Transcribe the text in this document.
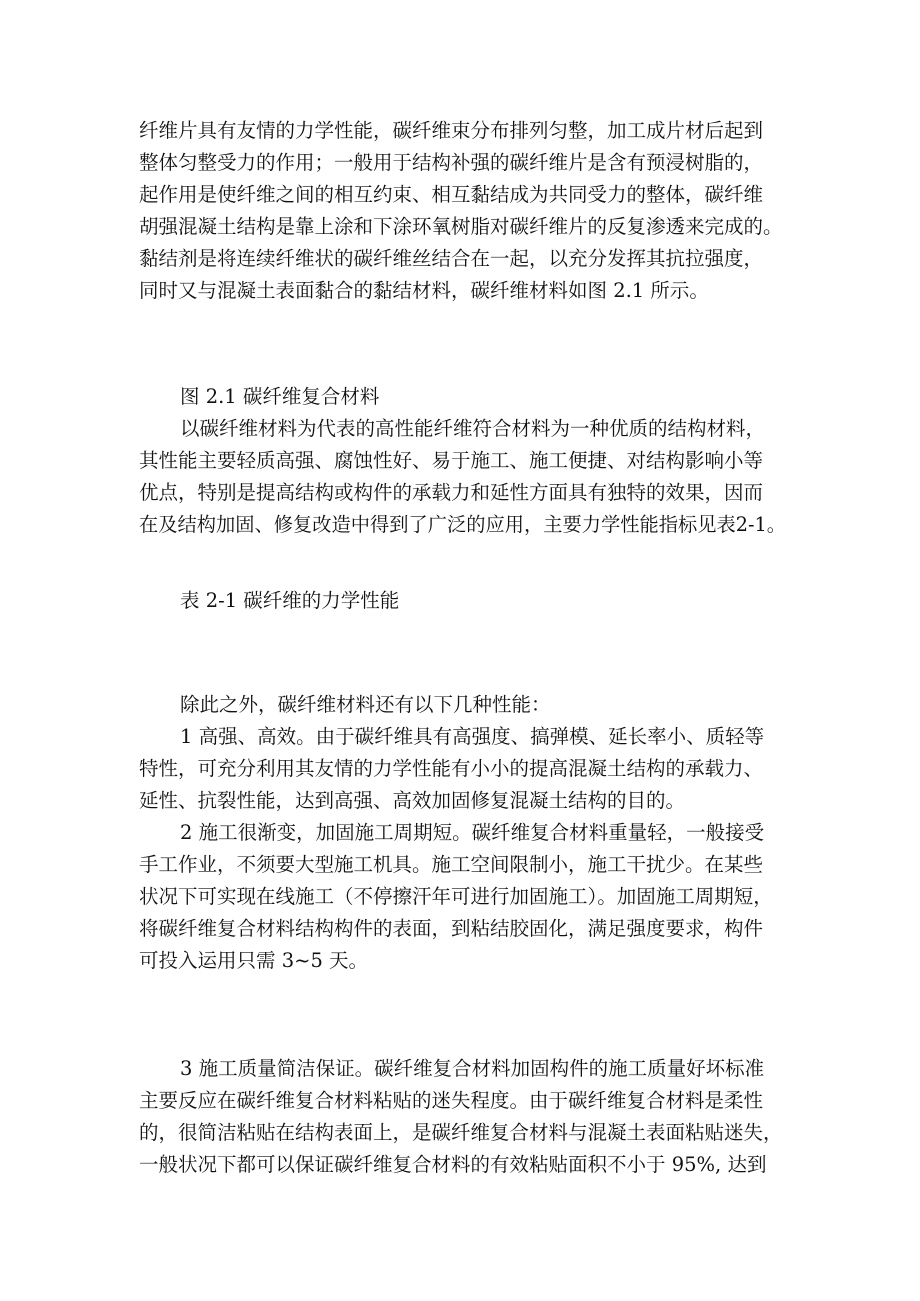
纤维片具有友情的力学性能，碳纤维束分布排列匀整，加工成片材后起到
整体匀整受力的作用；一般用于结构补强的碳纤维片是含有预浸树脂的，
起作用是使纤维之间的相互约束、相互黏结成为共同受力的整体，碳纤维
胡强混凝土结构是靠上涂和下涂环氧树脂对碳纤维片的反复渗透来完成的。
黏结剂是将连续纤维状的碳纤维丝结合在一起，以充分发挥其抗拉强度，
同时又与混凝土表面黏合的黏结材料，碳纤维材料如图 2.1 所示。
图 2.1 碳纤维复合材料
以碳纤维材料为代表的高性能纤维符合材料为一种优质的结构材料，
其性能主要轻质高强、腐蚀性好、易于施工、施工便捷、对结构影响小等
优点，特别是提高结构或构件的承载力和延性方面具有独特的效果，因而
在及结构加固、修复改造中得到了广泛的应用，主要力学性能指标见表2-1。
表 2-1 碳纤维的力学性能
除此之外，碳纤维材料还有以下几种性能：
1 高强、高效。由于碳纤维具有高强度、搞弹模、延长率小、质轻等
特性，可充分利用其友情的力学性能有小小的提高混凝土结构的承载力、
延性、抗裂性能，达到高强、高效加固修复混凝土结构的目的。
2 施工很渐变，加固施工周期短。碳纤维复合材料重量轻，一般接受
手工作业，不须要大型施工机具。施工空间限制小，施工干扰少。在某些
状况下可实现在线施工（不停擦汗年可进行加固施工）。加固施工周期短，
将碳纤维复合材料结构构件的表面，到粘结胶固化，满足强度要求，构件
可投入运用只需 3~5 天。
3 施工质量简洁保证。碳纤维复合材料加固构件的施工质量好坏标准
主要反应在碳纤维复合材料粘贴的迷失程度。由于碳纤维复合材料是柔性
的，很简洁粘贴在结构表面上，是碳纤维复合材料与混凝土表面粘贴迷失，
一般状况下都可以保证碳纤维复合材料的有效粘贴面积不小于 95%, 达到
